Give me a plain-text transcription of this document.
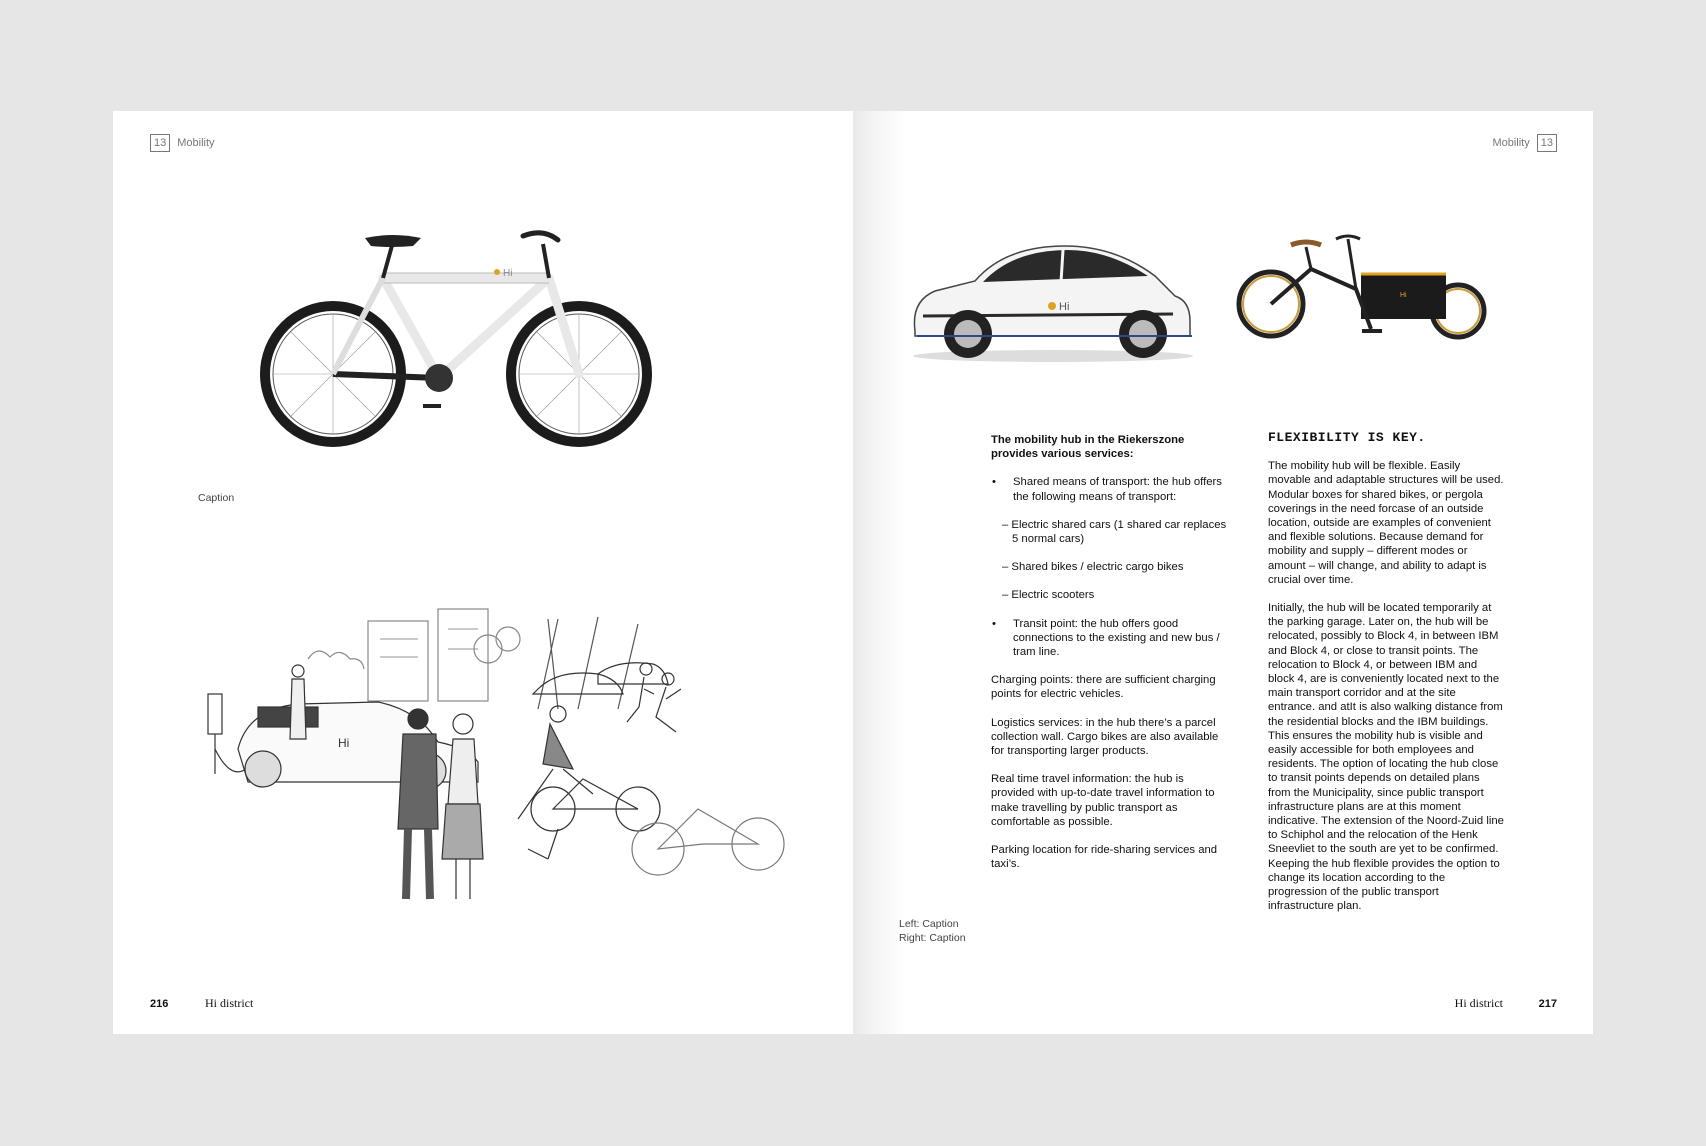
13	Mobility
Hi
Caption
Hi
216	Hi district
Mobility	13
Hi
Hi

The mobility hub in the Riekerszone provides various services:

• Shared means of transport: the hub offers the following means of transport:

– Electric shared cars (1 shared car replaces 5 normal cars)

– Shared bikes / electric cargo bikes

– Electric scooters

• Transit point: the hub offers good connections to the existing and new bus / tram line.

Charging points: there are sufficient charging points for electric vehicles.

Logistics services: in the hub there’s a parcel collection wall. Cargo bikes are also available for transporting larger products.

Real time travel information: the hub is provided with up-to-date travel information to make travelling by public transport as comfortable as possible.

Parking location for ride-sharing services and taxi’s.

FLEXIBILITY IS KEY.

The mobility hub will be flexible. Easily movable and adaptable structures will be used. Modular boxes for shared bikes, or pergola coverings in the need forcase of an outside location, outside are examples of convenient and flexible solutions. Because demand for mobility and supply – different modes or amount – will change, and ability to adapt is crucial over time.

Initially, the hub will be located temporarily at the parking garage. Later on, the hub will be relocated, possibly to Block 4, in between IBM and Block 4, or close to transit points. The relocation to Block 4, or between IBM and block 4, are is conveniently located next to the main transport corridor and at the site entrance. and atIt is also walking distance from the residential blocks and the IBM buildings. This ensures the mobility hub is visible and easily accessible for both employees and residents. The option of locating the hub close to transit points depends on detailed plans from the Municipality, since public transport infrastructure plans are at this moment indicative. The extension of the Noord-Zuid line to Schiphol and the relocation of the Henk Sneevliet to the south are yet to be confirmed. Keeping the hub flexible provides the option to change its location according to the progression of the public transport infrastructure plan.

Left: Caption
Right: Caption
Hi district	217
